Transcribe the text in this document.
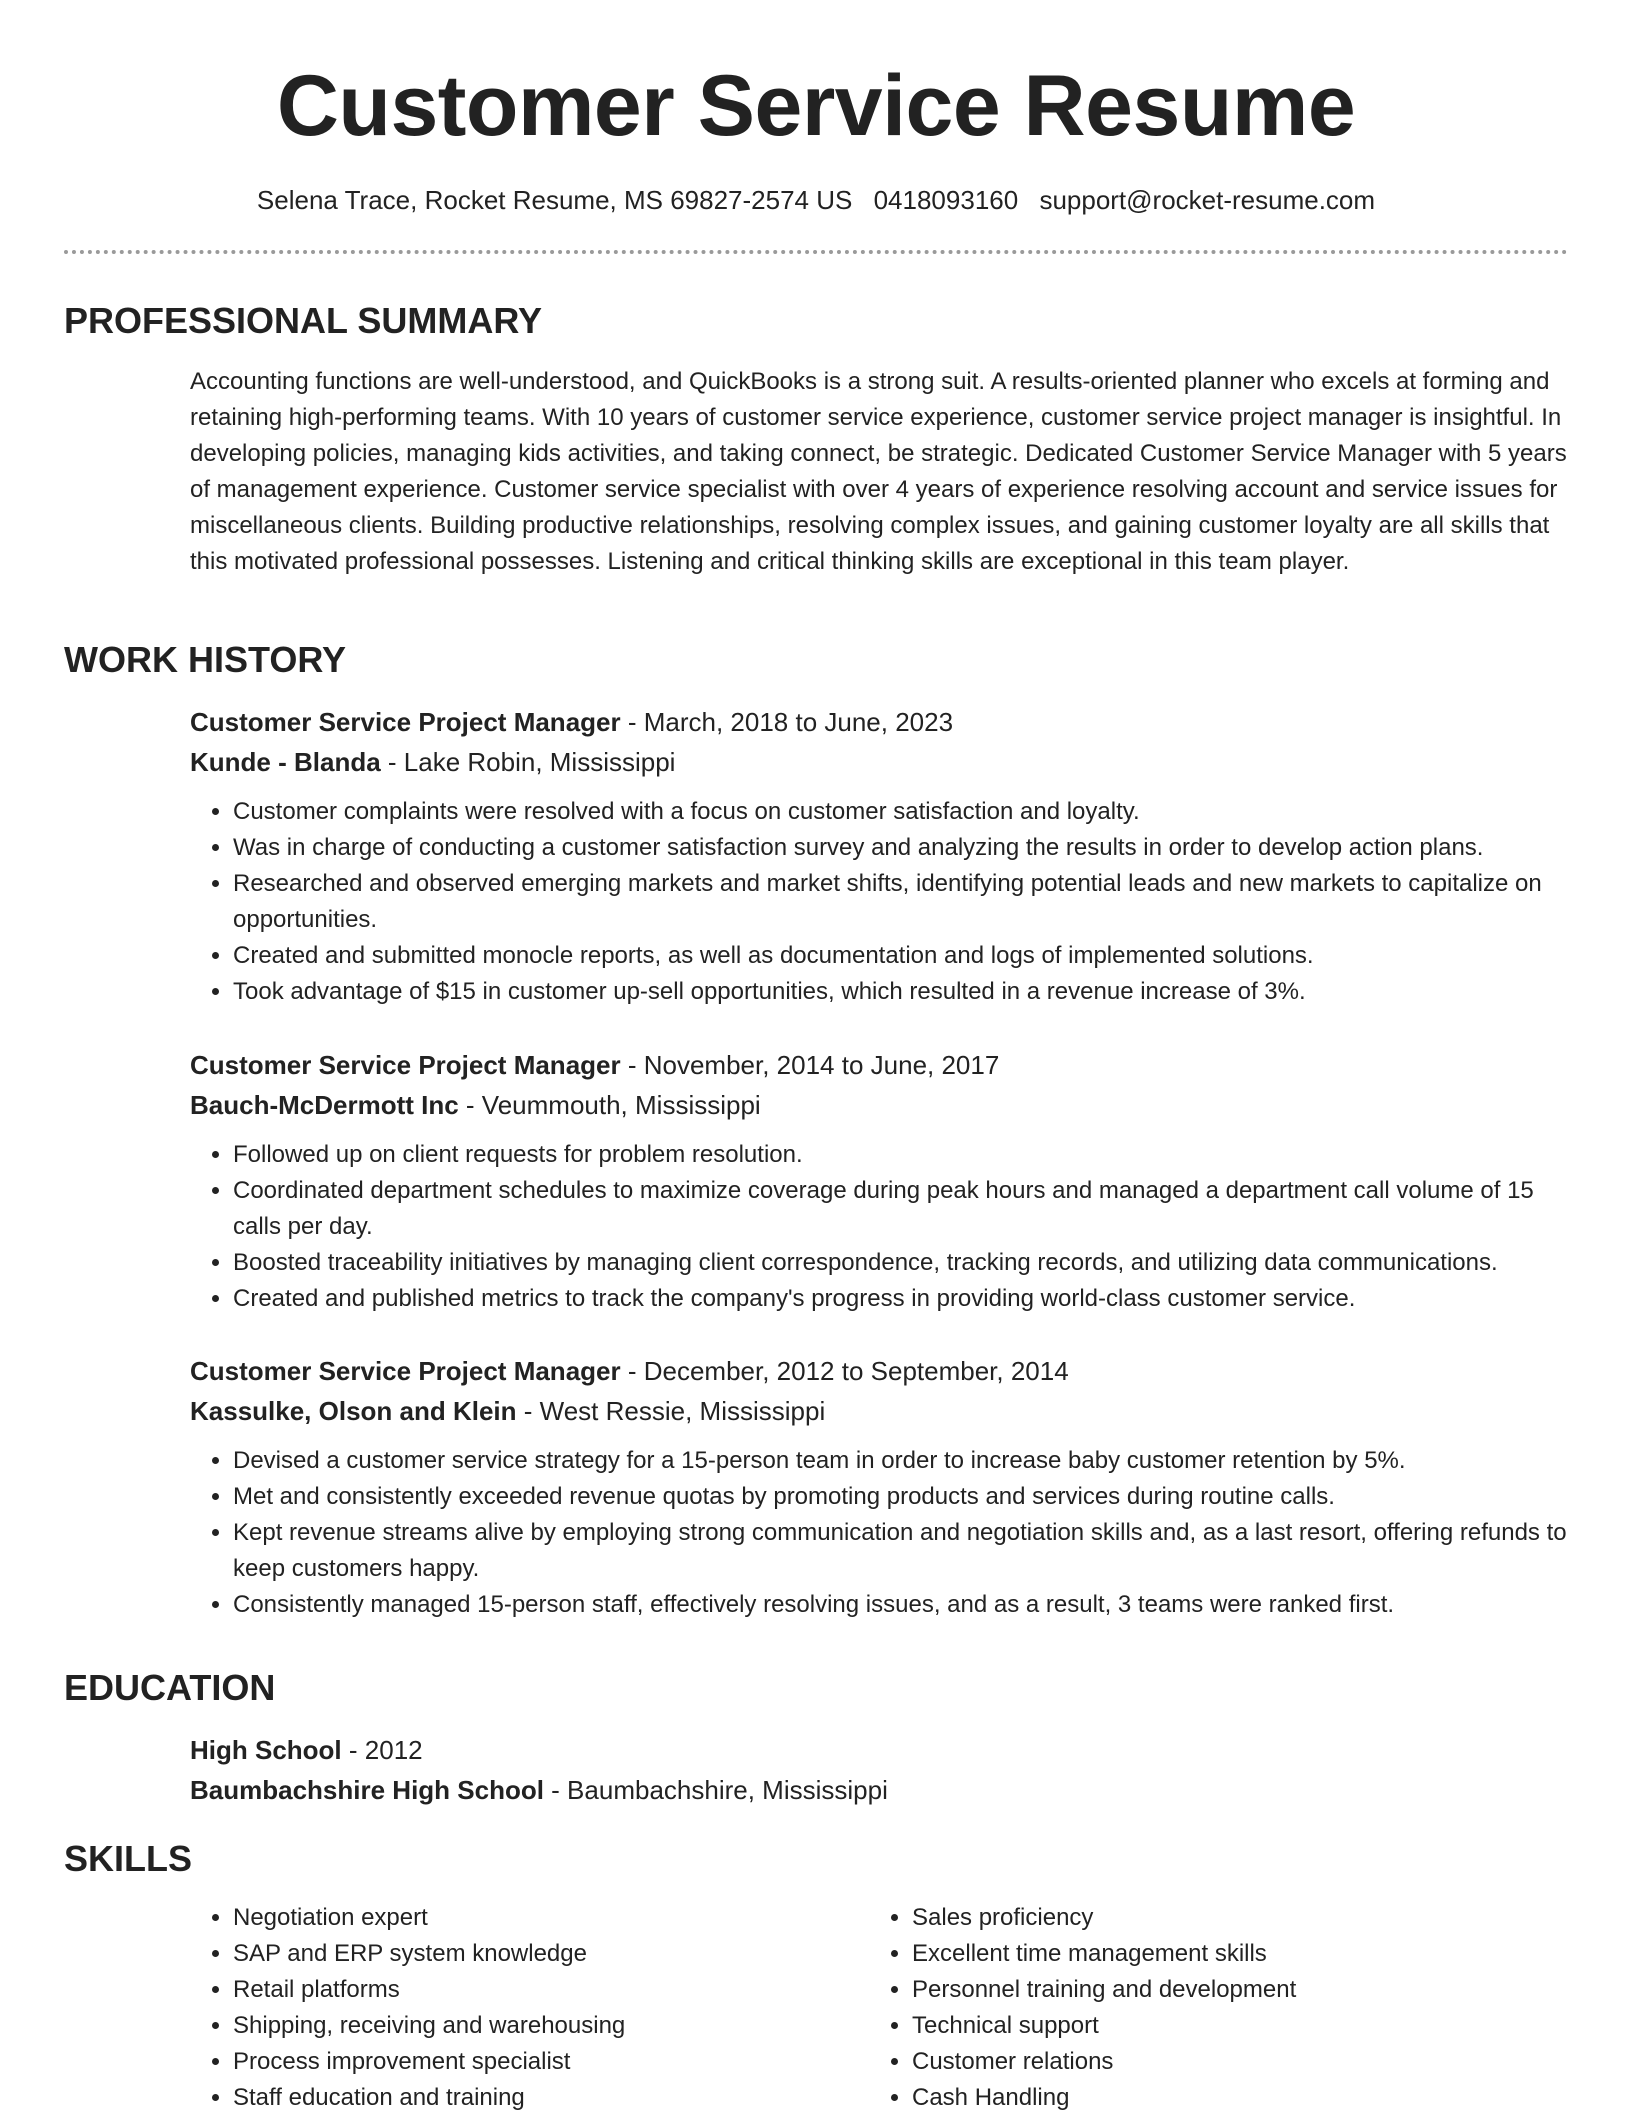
Customer Service Resume
Selena Trace, Rocket Resume, MS 69827-2574 US 0418093160 support@rocket-resume.com
PROFESSIONAL SUMMARY

Accounting functions are well-understood, and QuickBooks is a strong suit. A results-oriented planner who excels at forming and retaining high-performing teams. With 10 years of customer service experience, customer service project manager is insightful. In developing policies, managing kids activities, and taking connect, be strategic. Dedicated Customer Service Manager with 5 years of management experience. Customer service specialist with over 4 years of experience resolving account and service issues for miscellaneous clients. Building productive relationships, resolving complex issues, and gaining customer loyalty are all skills that this motivated professional possesses. Listening and critical thinking skills are exceptional in this team player.

WORK HISTORY
Customer Service Project Manager - March, 2018 to June, 2023
Kunde - Blanda - Lake Robin, Mississippi
• Customer complaints were resolved with a focus on customer satisfaction and loyalty.
• Was in charge of conducting a customer satisfaction survey and analyzing the results in order to develop action plans.
• Researched and observed emerging markets and market shifts, identifying potential leads and new markets to capitalize on opportunities.
• Created and submitted monocle reports, as well as documentation and logs of implemented solutions.
• Took advantage of $15 in customer up-sell opportunities, which resulted in a revenue increase of 3%.
Customer Service Project Manager - November, 2014 to June, 2017
Bauch-McDermott Inc - Veummouth, Mississippi
• Followed up on client requests for problem resolution.
• Coordinated department schedules to maximize coverage during peak hours and managed a department call volume of 15 calls per day.
• Boosted traceability initiatives by managing client correspondence, tracking records, and utilizing data communications.
• Created and published metrics to track the company's progress in providing world-class customer service.
Customer Service Project Manager - December, 2012 to September, 2014
Kassulke, Olson and Klein - West Ressie, Mississippi
• Devised a customer service strategy for a 15-person team in order to increase baby customer retention by 5%.
• Met and consistently exceeded revenue quotas by promoting products and services during routine calls.
• Kept revenue streams alive by employing strong communication and negotiation skills and, as a last resort, offering refunds to keep customers happy.
• Consistently managed 15-person staff, effectively resolving issues, and as a result, 3 teams were ranked first.
EDUCATION
High School - 2012
Baumbachshire High School - Baumbachshire, Mississippi
SKILLS
• Negotiation expert
• SAP and ERP system knowledge
• Retail platforms
• Shipping, receiving and warehousing
• Process improvement specialist
• Staff education and training
• Sales proficiency
• Excellent time management skills
• Personnel training and development
• Technical support
• Customer relations
• Cash Handling
